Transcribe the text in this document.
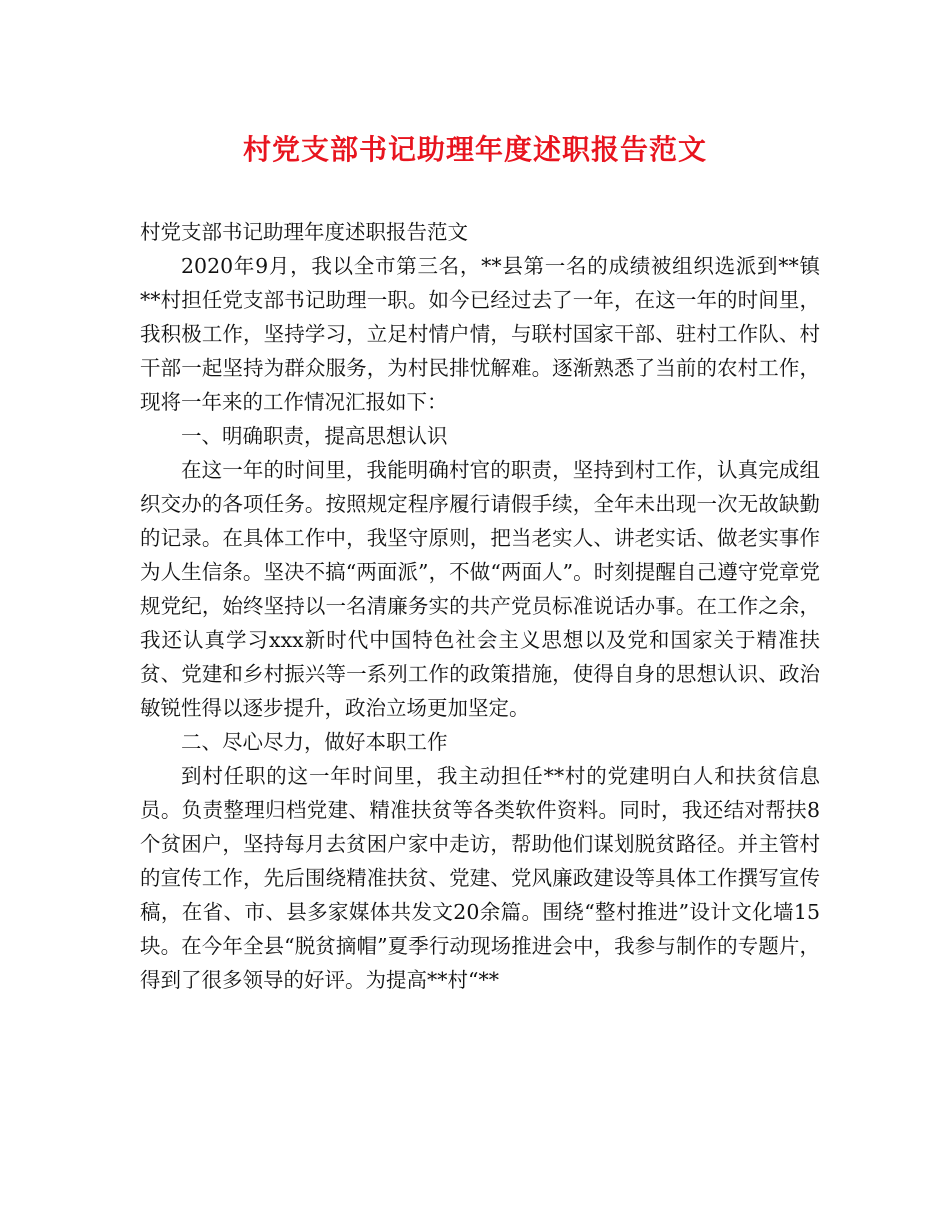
村党支部书记助理年度述职报告范文

村党支部书记助理年度述职报告范文

2020年9月，我以全市第三名，**县第一名的成绩被组织选派到**镇**村担任党支部书记助理一职。如今已经过去了一年，在这一年的时间里，我积极工作，坚持学习，立足村情户情，与联村国家干部、驻村工作队、村干部一起坚持为群众服务，为村民排忧解难。逐渐熟悉了当前的农村工作，现将一年来的工作情况汇报如下：

一、明确职责，提高思想认识

在这一年的时间里，我能明确村官的职责，坚持到村工作，认真完成组织交办的各项任务。按照规定程序履行请假手续，全年未出现一次无故缺勤的记录。在具体工作中，我坚守原则，把当老实人、讲老实话、做老实事作为人生信条。坚决不搞“两面派”，不做“两面人”。时刻提醒自己遵守党章党规党纪，始终坚持以一名清廉务实的共产党员标准说话办事。在工作之余，我还认真学习xxx新时代中国特色社会主义思想以及党和国家关于精准扶贫、党建和乡村振兴等一系列工作的政策措施，使得自身的思想认识、政治敏锐性得以逐步提升，政治立场更加坚定。

二、尽心尽力，做好本职工作

到村任职的这一年时间里，我主动担任**村的党建明白人和扶贫信息员。负责整理归档党建、精准扶贫等各类软件资料。同时，我还结对帮扶8个贫困户，坚持每月去贫困户家中走访，帮助他们谋划脱贫路径。并主管村的宣传工作，先后围绕精准扶贫、党建、党风廉政建设等具体工作撰写宣传稿，在省、市、县多家媒体共发文20余篇。围绕“整村推进”设计文化墙15块。在今年全县“脱贫摘帽”夏季行动现场推进会中，我参与制作的专题片，得到了很多领导的好评。为提高**村“**
